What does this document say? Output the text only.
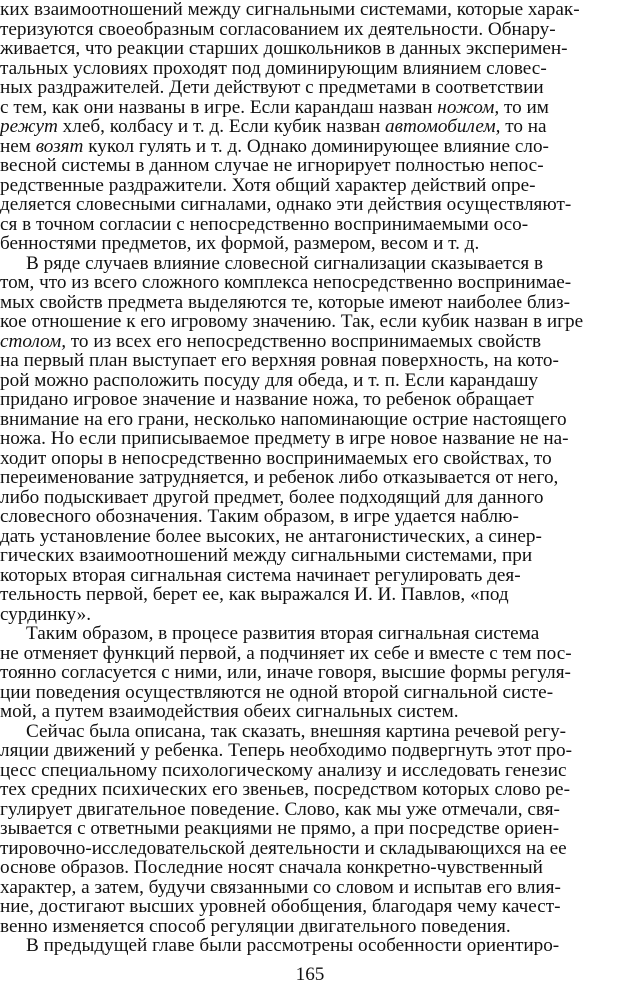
ких взаимоотношений между сигнальными системами, которые харак-
теризуются своеобразным согласованием их деятельности. Обнару-
живается, что реакции старших дошкольников в данных эксперимен-
тальных условиях проходят под доминирующим влиянием словес-
ных раздражителей. Дети действуют с предметами в соответствии
с тем, как они названы в игре. Если карандаш назван ножом, то им
режут хлеб, колбасу и т. д. Если кубик назван автомобилем, то на
нем возят кукол гулять и т. д. Однако доминирующее влияние сло-
весной системы в данном случае не игнорирует полностью непос-
редственные раздражители. Хотя общий характер действий опре-
деляется словесными сигналами, однако эти действия осуществляют-
ся в точном согласии с непосредственно воспринимаемыми осо-
бенностями предметов, их формой, размером, весом и т. д.
В ряде случаев влияние словесной сигнализации сказывается в
том, что из всего сложного комплекса непосредственно воспринимае-
мых свойств предмета выделяются те, которые имеют наиболее близ-
кое отношение к его игровому значению. Так, если кубик назван в игре
столом, то из всех его непосредственно воспринимаемых свойств
на первый план выступает его верхняя ровная поверхность, на кото-
рой можно расположить посуду для обеда, и т. п. Если карандашу
придано игровое значение и название ножа, то ребенок обращает
внимание на его грани, несколько напоминающие острие настоящего
ножа. Но если приписываемое предмету в игре новое название не на-
ходит опоры в непосредственно воспринимаемых его свойствах, то
переименование затрудняется, и ребенок либо отказывается от него,
либо подыскивает другой предмет, более подходящий для данного
словесного обозначения. Таким образом, в игре удается наблю-
дать установление более высоких, не антагонистических, а синер-
гических взаимоотношений между сигнальными системами, при
которых вторая сигнальная система начинает регулировать дея-
тельность первой, берет ее, как выражался И. И. Павлов, «под
сурдинку».
Таким образом, в процесе развития вторая сигнальная система
не отменяет функций первой, а подчиняет их себе и вместе с тем пос-
тоянно согласуется с ними, или, иначе говоря, высшие формы регуля-
ции поведения осуществляются не одной второй сигнальной систе-
мой, а путем взаимодействия обеих сигнальных систем.
Сейчас была описана, так сказать, внешняя картина речевой регу-
ляции движений у ребенка. Теперь необходимо подвергнуть этот про-
цесс специальному психологическому анализу и исследовать генезис
тех средних психических его звеньев, посредством которых слово ре-
гулирует двигательное поведение. Слово, как мы уже отмечали, свя-
зывается с ответными реакциями не прямо, а при посредстве ориен-
тировочно-исследовательской деятельности и складывающихся на ее
основе образов. Последние носят сначала конкретно-чувственный
характер, а затем, будучи связанными со словом и испытав его влия-
ние, достигают высших уровней обобщения, благодаря чему качест-
венно изменяется способ регуляции двигательного поведения.
В предыдущей главе были рассмотрены особенности ориентиро-
165
